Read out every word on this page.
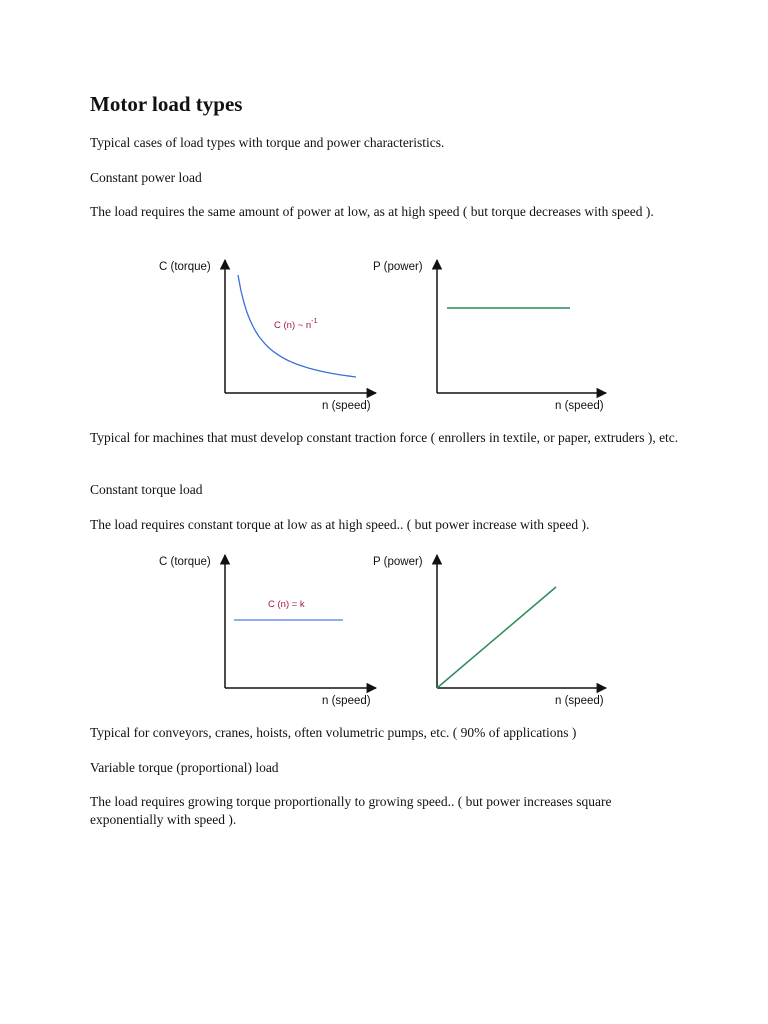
Motor load types

Typical cases of load types with torque and power characteristics.

Constant power load

The load requires the same amount of power at low, as at high speed ( but torque decreases with speed ).

Typical for machines that must develop constant traction force ( enrollers in textile, or paper, extruders ), etc.

Constant torque load

The load requires constant torque at low as at high speed.. ( but power increase with speed ).

Typical for conveyors, cranes, hoists, often volumetric pumps, etc. ( 90% of applications )

Variable torque (proportional) load

The load requires growing torque proportionally to growing speed.. ( but power increases square exponentially with speed ).

C (torque)
n (speed)
C (n) ~ $n^{-1}$
P (power)
n (speed)
C (torque)
n (speed)
C (n) = k
P (power)
n (speed)
